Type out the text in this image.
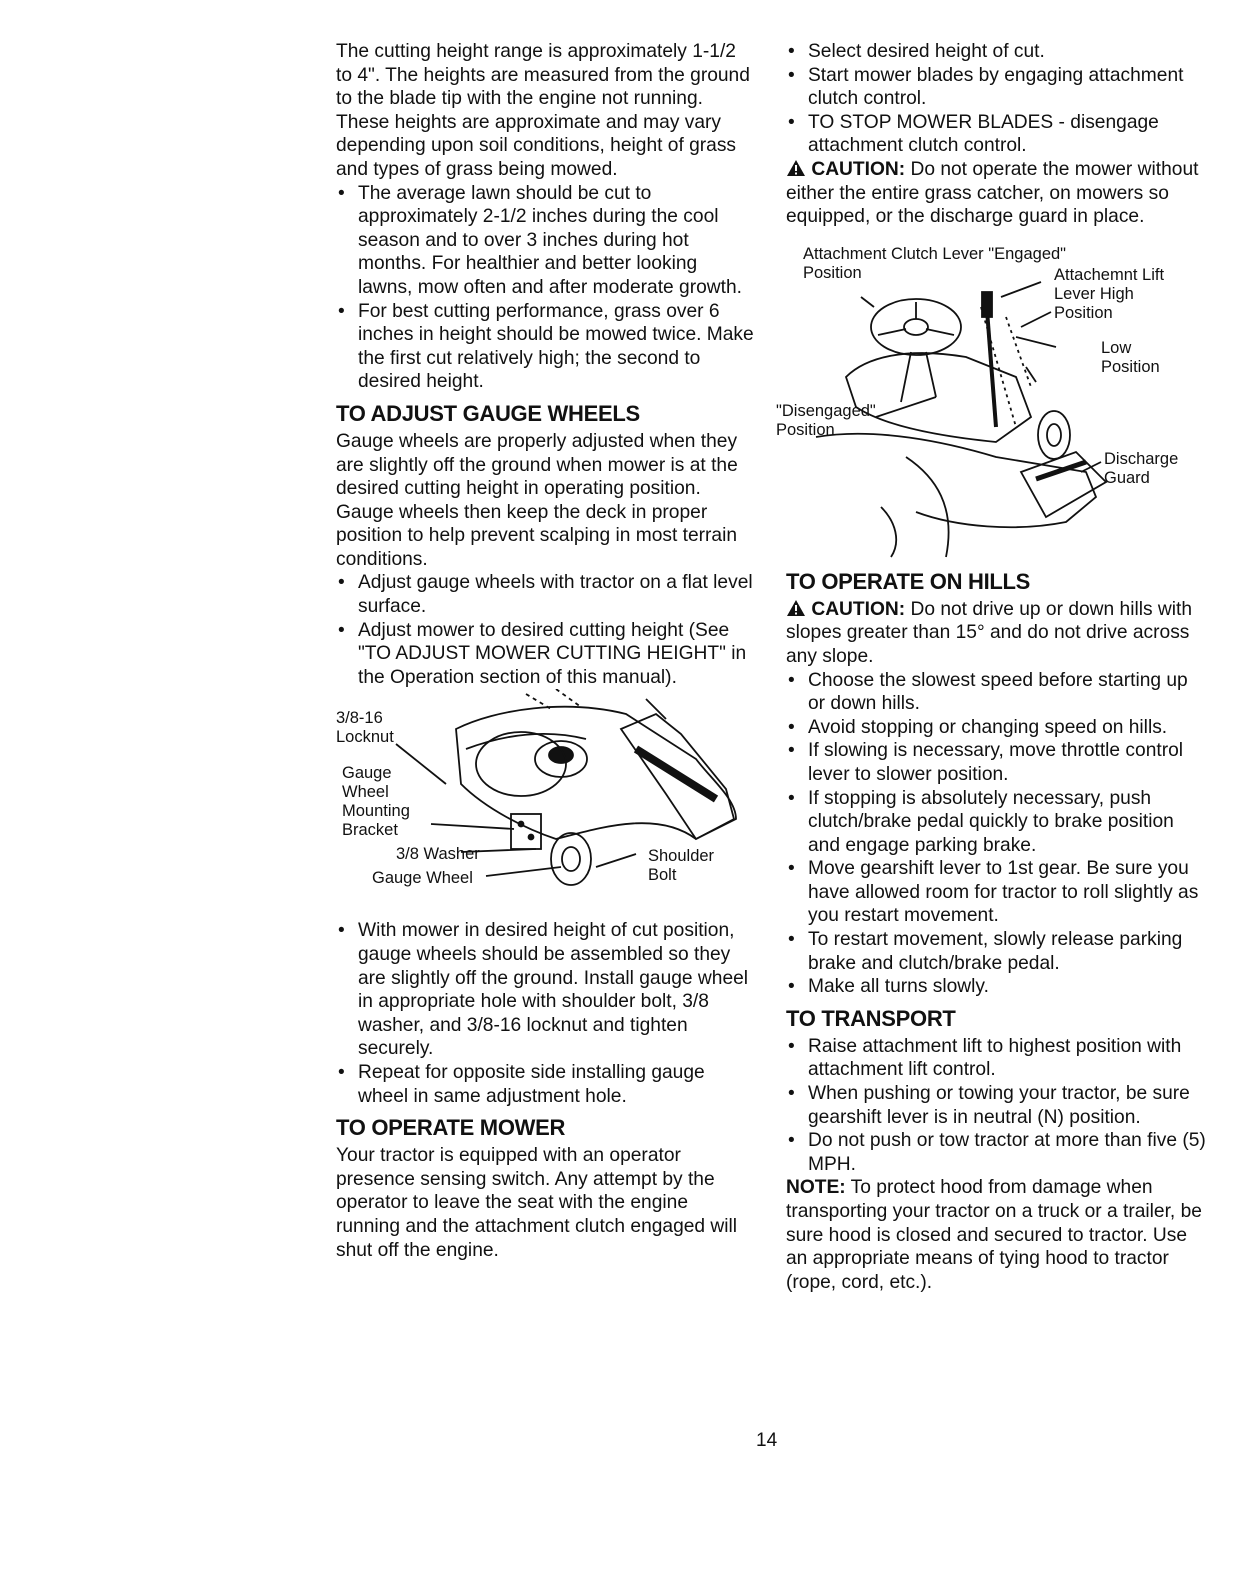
The cutting height range is approximately 1-1/2 to 4". The heights are measured from the ground to the blade tip with the engine not running. These heights are approximate and may vary depending upon soil conditions, height of grass and types of grass being mowed.

• The average lawn should be cut to approximately 2-1/2 inches during the cool season and to over 3 inches during hot months. For healthier and better looking lawns, mow often and after moderate growth.
• For best cutting performance, grass over 6 inches in height should be mowed twice. Make the first cut relatively high; the second to desired height.
TO ADJUST GAUGE WHEELS

Gauge wheels are properly adjusted when they are slightly off the ground when mower is at the desired cutting height in operating position. Gauge wheels then keep the deck in proper position to help prevent scalping in most terrain conditions.

• Adjust gauge wheels with tractor on a flat level surface.
• Adjust mower to desired cutting height (See "TO ADJUST MOWER CUTTING HEIGHT" in the Operation section of this manual).
3/8-16
Locknut
Gauge
Wheel
Mounting
Bracket
3/8 Washer
Gauge Wheel
Shoulder
Bolt
• With mower in desired height of cut position, gauge wheels should be assembled so they are slightly off the ground. Install gauge wheel in appropriate hole with shoulder bolt, 3/8 washer, and 3/8-16 locknut and tighten securely.
• Repeat for opposite side installing gauge wheel in same adjustment hole.
TO OPERATE MOWER

Your tractor is equipped with an operator presence sensing switch. Any attempt by the operator to leave the seat with the engine running and the attachment clutch engaged will shut off the engine.

• Select desired height of cut.
• Start mower blades by engaging attachment clutch control.
• TO STOP MOWER BLADES - disengage attachment clutch control.

CAUTION: Do not operate the mower without either the entire grass catcher, on mowers so equipped, or the discharge guard in place.

Attachment Clutch Lever "Engaged"
Position	Attachemnt Lift
Lever High
Position
Low
Position
"Disengaged"
Position
Discharge
Guard
TO OPERATE ON HILLS

CAUTION: Do not drive up or down hills with slopes greater than 15° and do not drive across any slope.

• Choose the slowest speed before starting up or down hills.
• Avoid stopping or changing speed on hills.
• If slowing is necessary, move throttle control lever to slower position.
• If stopping is absolutely necessary, push clutch/brake pedal quickly to brake position and engage parking brake.
• Move gearshift lever to 1st gear. Be sure you have allowed room for tractor to roll slightly as you restart movement.
• To restart movement, slowly release parking brake and clutch/brake pedal.
• Make all turns slowly.
TO TRANSPORT
• Raise attachment lift to highest position with attachment lift control.
• When pushing or towing your tractor, be sure gearshift lever is in neutral (N) position.
• Do not push or tow tractor at more than five (5) MPH.

NOTE: To protect hood from damage when transporting your tractor on a truck or a trailer, be sure hood is closed and secured to tractor. Use an appropriate means of tying hood to tractor (rope, cord, etc.).

14
